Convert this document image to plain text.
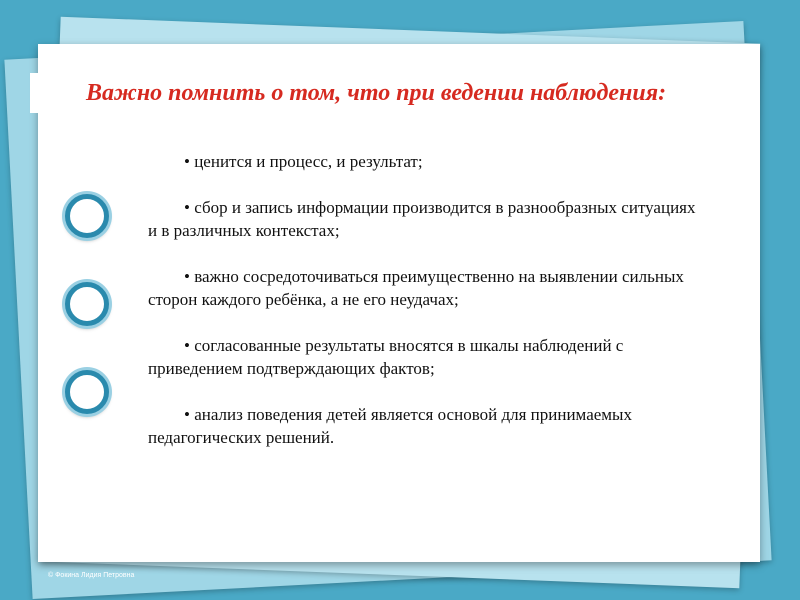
Важно помнить о том, что при ведении наблюдения:
• ценится и процесс, и результат;
• сбор и запись информации производится в разнообразных ситуациях и в различных контекстах;
• важно сосредоточиваться преимущественно на выявлении сильных сторон каждого ребёнка, а не его неудачах;
• согласованные результаты вносятся в шкалы наблюдений с приведением подтверждающих фактов;
• анализ поведения детей является основой для принимаемых педагогических решений.
© Фокина Лидия Петровна
